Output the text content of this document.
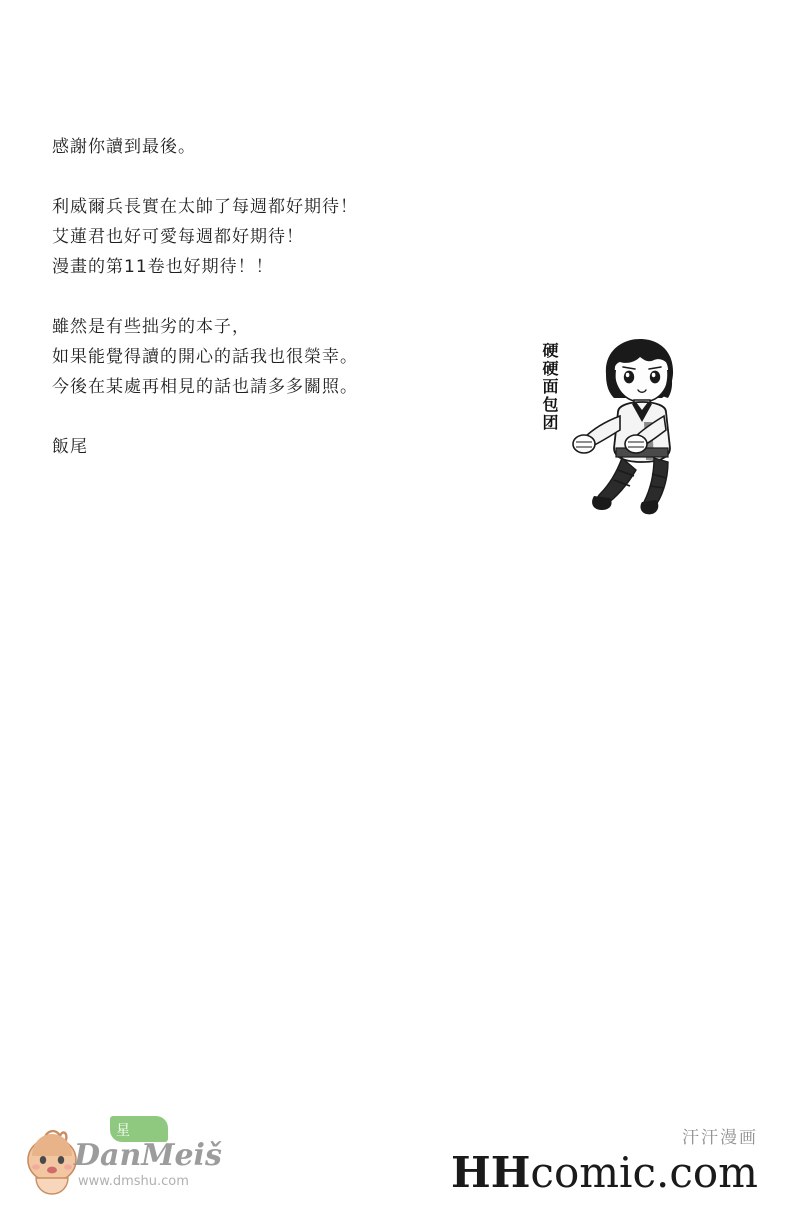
感謝你讀到最後。

利威爾兵長實在太帥了每週都好期待！

艾蓮君也好可愛每週都好期待！

漫畫的第11卷也好期待！！

雖然是有些拙劣的本子，

如果能覺得讀的開心的話我也很榮幸。

今後在某處再相見的話也請多多關照。

飯尾

硬硬面包团
星
DanMeiš
www.dmshu.com
汗汗漫画
HHcomic.com
